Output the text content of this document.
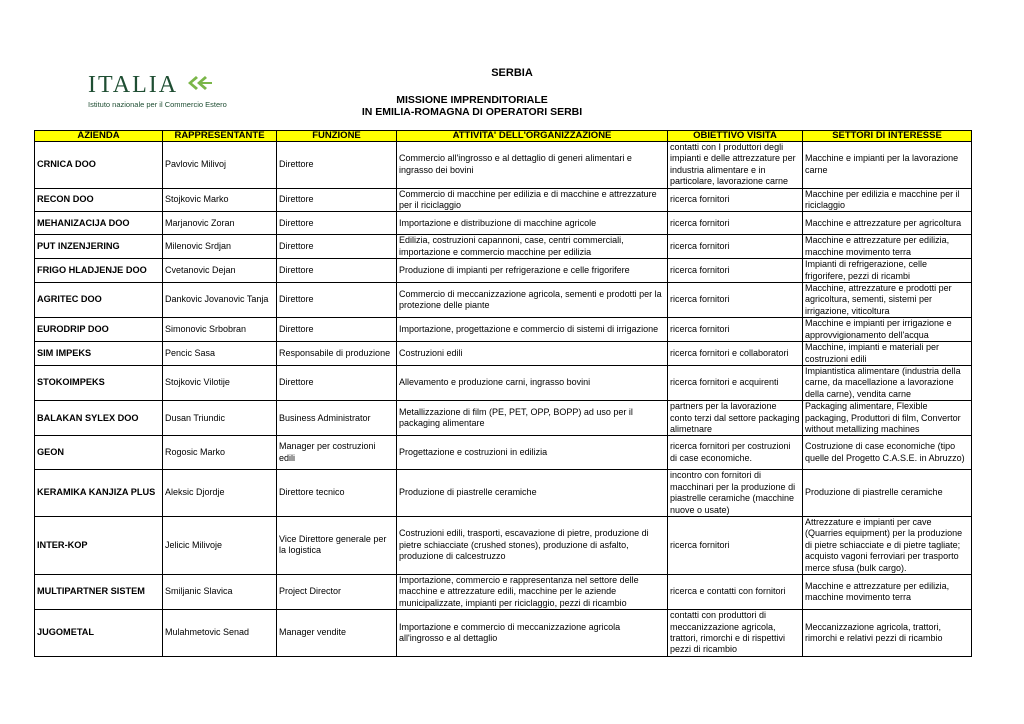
ITALIA
Istituto nazionale per il Commercio Estero
SERBIA
MISSIONE IMPRENDITORIALE
IN EMILIA-ROMAGNA DI OPERATORI SERBI
AZIENDA	RAPPRESENTANTE	FUNZIONE	ATTIVITA' DELL'ORGANIZZAZIONE	OBIETTIVO VISITA	SETTORI DI INTERESSE
CRNICA DOO	Pavlovic Milivoj	Direttore	Commercio all'ingrosso e al dettaglio di generi alimentari e ingrasso dei bovini	contatti con I produttori degli impianti e delle attrezzature per industria alimentare e in particolare, lavorazione carne	Macchine e impianti per la lavorazione carne
RECON DOO	Stojkovic Marko	Direttore	Commercio di macchine per edilizia e di macchine e attrezzature per il riciclaggio	ricerca fornitori	Macchine per edilizia e macchine per il riciclaggio
MEHANIZACIJA DOO	Marjanovic Zoran	Direttore	Importazione e distribuzione di macchine agricole	ricerca fornitori	Macchine e attrezzature per agricoltura
PUT INZENJERING	Milenovic Srdjan	Direttore	Edilizia, costruzioni capannoni, case, centri commerciali, importazione e commercio macchine per edilizia	ricerca fornitori	Macchine e attrezzature per edilizia, macchine movimento terra
FRIGO HLADJENJE DOO	Cvetanovic Dejan	Direttore	Produzione di impianti per refrigerazione e celle frigorifere	ricerca fornitori	Impianti di refrigerazione, celle frigorifere, pezzi di ricambi
AGRITEC DOO	Dankovic Jovanovic Tanja	Direttore	Commercio di meccanizzazione agricola, sementi e prodotti per la protezione delle piante	ricerca fornitori	Macchine, attrezzature e prodotti per agricoltura, sementi, sistemi per irrigazione, viticoltura
EURODRIP DOO	Simonovic Srbobran	Direttore	Importazione, progettazione e commercio di sistemi di irrigazione	ricerca fornitori	Macchine e impianti per irrigazione e approvvigionamento dell'acqua
SIM IMPEKS	Pencic Sasa	Responsabile di produzione	Costruzioni edili	ricerca fornitori e collaboratori	Macchine, impianti e materiali per costruzioni edili
STOKOIMPEKS	Stojkovic Vilotije	Direttore	Allevamento e produzione carni, ingrasso bovini	ricerca fornitori e acquirenti	Impiantistica alimentare (industria della carne, da macellazione a lavorazione della carne), vendita carne
BALAKAN SYLEX DOO	Dusan Triundic	Business Administrator	Metallizzazione di film (PE, PET, OPP, BOPP) ad uso per il packaging alimentare	partners per la lavorazione conto terzi dal settore packaging alimetnare	Packaging alimentare, Flexible packaging, Produttori di film, Convertor without metallizing machines
GEON	Rogosic Marko	Manager per costruzioni edili	Progettazione e costruzioni in edilizia	ricerca fornitori per costruzioni di case economiche.	Costruzione di case economiche (tipo quelle del Progetto C.A.S.E. in Abruzzo)
KERAMIKA KANJIZA PLUS	Aleksic Djordje	Direttore tecnico	Produzione di piastrelle ceramiche	incontro con fornitori di macchinari per la produzione di piastrelle ceramiche (macchine nuove o usate)	Produzione di piastrelle ceramiche
INTER-KOP	Jelicic Milivoje	Vice Direttore generale per la logistica	Costruzioni edili, trasporti, escavazione di pietre, produzione di pietre schiacciate (crushed stones), produzione di asfalto, produzione di calcestruzzo	ricerca fornitori	Attrezzature e impianti per cave (Quarries equipment) per la produzione di pietre schiacciate e di pietre tagliate; acquisto vagoni ferroviari per trasporto merce sfusa (bulk cargo).
MULTIPARTNER SISTEM	Smiljanic Slavica	Project Director	Importazione, commercio e rappresentanza nel settore delle macchine e attrezzature edili, macchine per le aziende municipalizzate, impianti per riciclaggio, pezzi di ricambio	ricerca e contatti con fornitori	Macchine e attrezzature per edilizia, macchine movimento terra
JUGOMETAL	Mulahmetovic Senad	Manager vendite	Importazione e commercio di meccanizzazione agricola all'ingrosso e al dettaglio	contatti con produttori di meccanizzazione agricola, trattori, rimorchi e di rispettivi pezzi di ricambio	Meccanizzazione agricola, trattori, rimorchi e relativi pezzi di ricambio
